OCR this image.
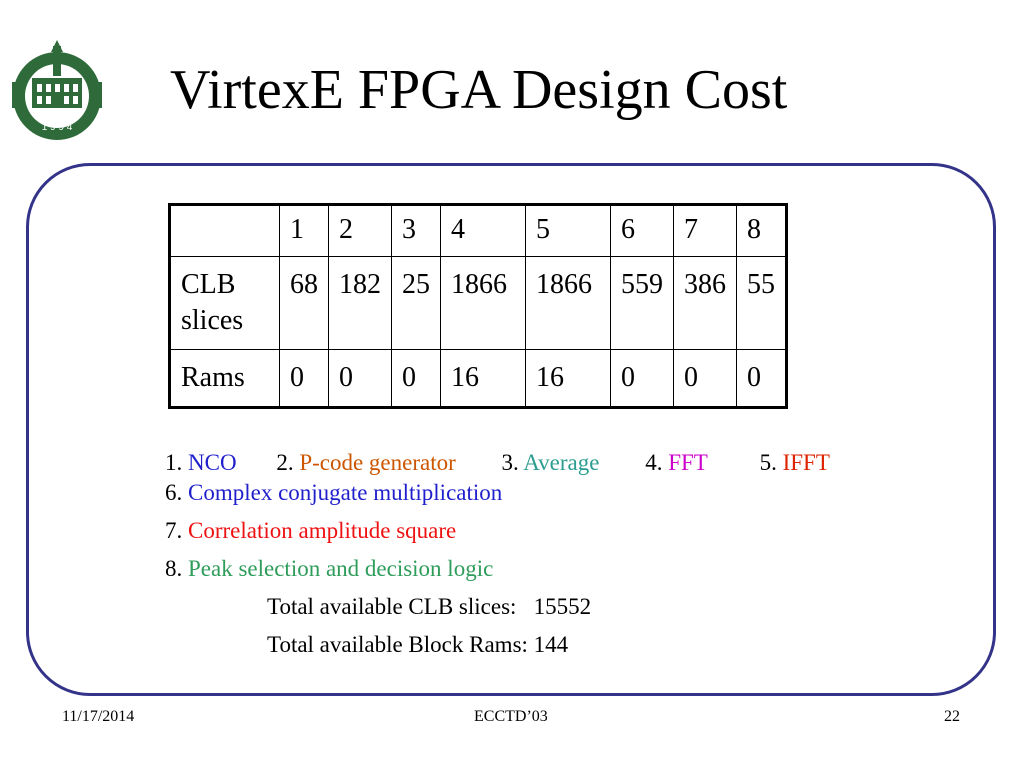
1 9 9 4
VirtexE FPGA Design Cost
	1	2	3	4	5	6	7	8
CLB slices	68	182	25	1866	1866	559	386	55
Rams	0	0	0	16	16	0	0	0
1. NCO 2. P-code generator 3. Average 4. FFT 5. IFFT
6. Complex conjugate multiplication
7. Correlation amplitude square
8. Peak selection and decision logic
Total available CLB slices:   15552
Total available Block Rams: 144
11/17/2014	ECCTD’03	22
